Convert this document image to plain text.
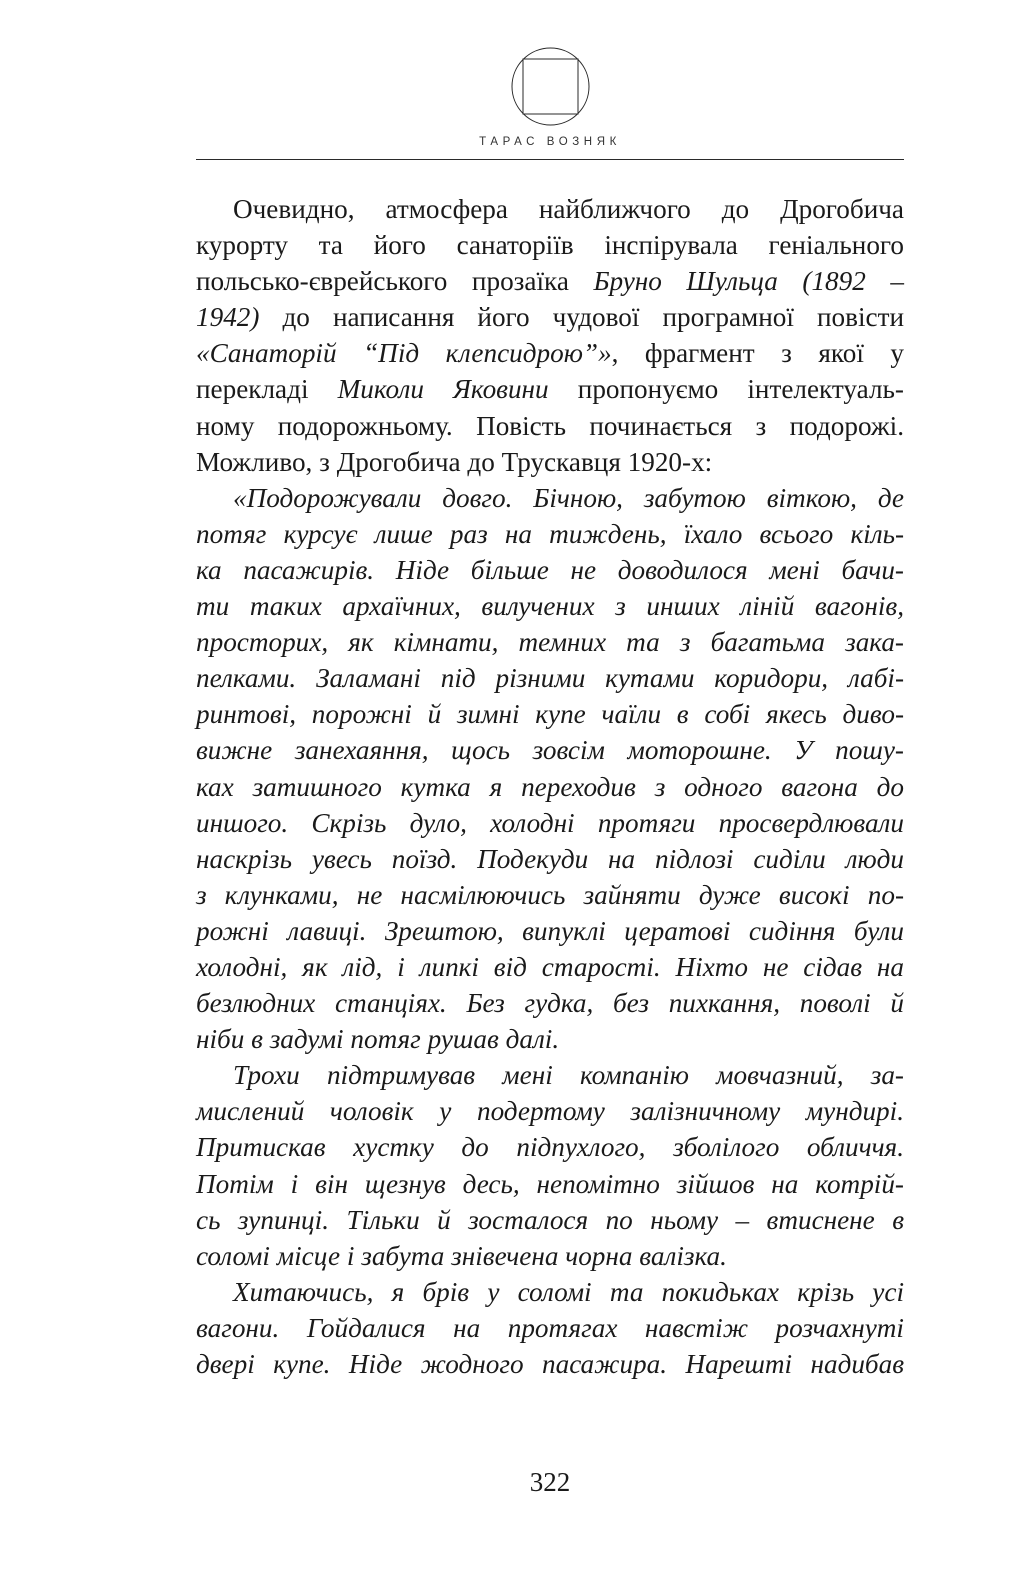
ТАРАС ВОЗНЯК
Очевидно, атмосфера найближчого до Дрогобича
курорту та його санаторіїв інспірувала геніального
польсько-єврейського прозаїка Бруно Шульца (1892 –
1942) до написання його чудової програмної повісти
«Санаторій “Під клепсидрою”», фрагмент з якої у
перекладі Миколи Яковини пропонуємо інтелектуаль-
ному подорожньому. Повість починається з подорожі.
Можливо, з Дрогобича до Трускавця 1920-х:
«Подорожували довго. Бічною, забутою віткою, де
потяг курсує лише раз на тиждень, їхало всього кіль-
ка пасажирів. Ніде більше не доводилося мені бачи-
ти таких архаїчних, вилучених з инших ліній вагонів,
просторих, як кімнати, темних та з багатьма зака-
пелками. Заламані під різними кутами коридори, лабі-
ринтові, порожні й зимні купе чаїли в собі якесь диво-
вижне занехаяння, щось зовсім моторошне. У пошу-
ках затишного кутка я переходив з одного вагона до
иншого. Скрізь дуло, холодні протяги просвердлювали
наскрізь увесь поїзд. Подекуди на підлозі сиділи люди
з клунками, не насмілюючись зайняти дуже високі по-
рожні лавиці. Зрештою, випуклі цератові сидіння були
холодні, як лід, і липкі від старості. Ніхто не сідав на
безлюдних станціях. Без гудка, без пихкання, поволі й
ніби в задумі потяг рушав далі.
Трохи підтримував мені компанію мовчазний, за-
мислений чоловік у подертому залізничному мундирі.
Притискав хустку до підпухлого, зболілого обличчя.
Потім і він щезнув десь, непомітно зійшов на котрій-
сь зупинці. Тільки й зосталося по ньому – втиснене в
соломі місце і забута знівечена чорна валізка.
Хитаючись, я брів у соломі та покидьках крізь усі
вагони. Гойдалися на протягах навстіж розчахнуті
двері купе. Ніде жодного пасажира. Нарешті надибав
322
